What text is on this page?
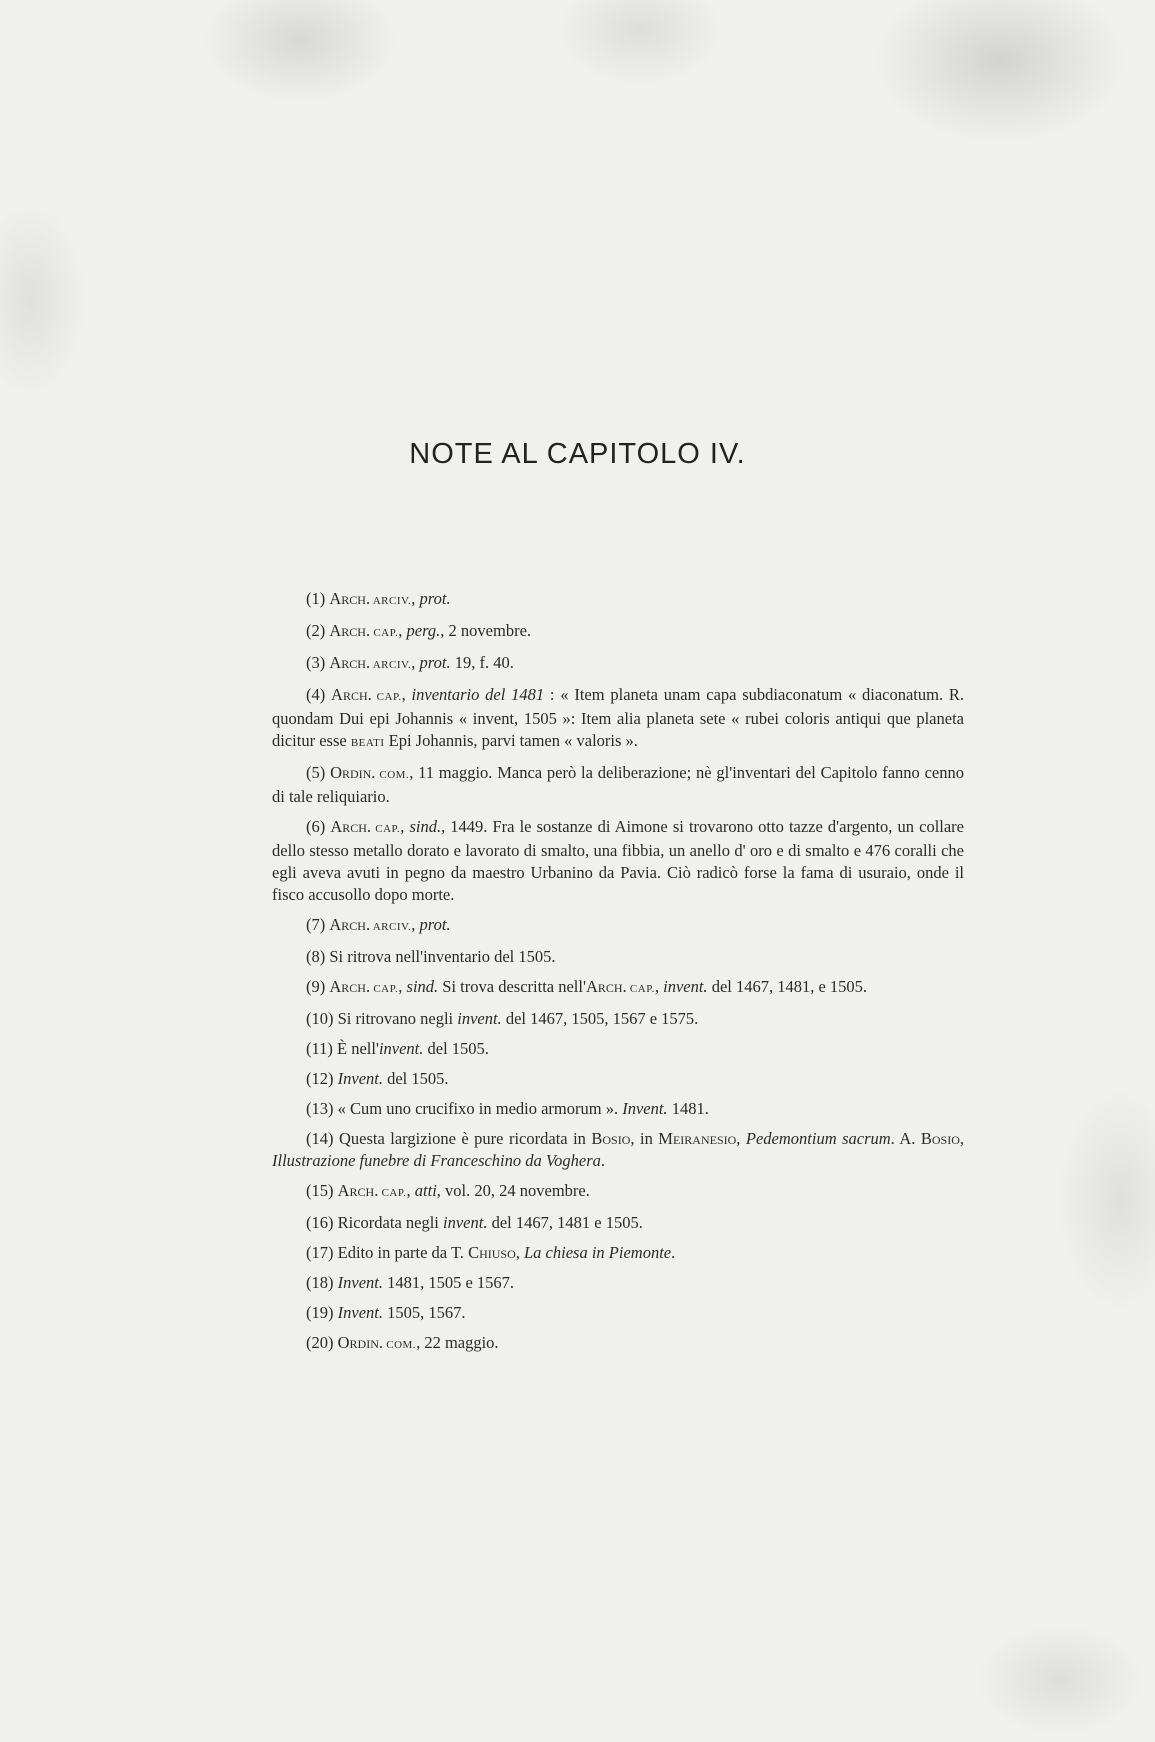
NOTE AL CAPITOLO IV.

(1) Arch. ARCIV., prot.

(2) Arch. CAP., perg., 2 novembre.

(3) Arch. ARCIV., prot. 19, f. 40.

(4) Arch. CAP., inventario del 1481 : « Item planeta unam capa subdiaconatum « diaconatum. R. quondam Dui epi Johannis « invent, 1505 »: Item alia planeta sete « rubei coloris antiqui que planeta dicitur esse BEATI Epi Johannis, parvi tamen « valoris ».

(5) Ordin. COM., 11 maggio. Manca però la deliberazione; nè gl'inventari del Capitolo fanno cenno di tale reliquiario.

(6) Arch. CAP., sind., 1449. Fra le sostanze di Aimone si trovarono otto tazze d'argento, un collare dello stesso metallo dorato e lavorato di smalto, una fibbia, un anello d' oro e di smalto e 476 coralli che egli aveva avuti in pegno da maestro Urbanino da Pavia. Ciò radicò forse la fama di usuraio, onde il fisco accusollo dopo morte.

(7) Arch. ARCIV., prot.

(8) Si ritrova nell'inventario del 1505.

(9) Arch. CAP., sind. Si trova descritta nell'Arch. CAP., invent. del 1467, 1481, e 1505.

(10) Si ritrovano negli invent. del 1467, 1505, 1567 e 1575.

(11) È nell'invent. del 1505.

(12) Invent. del 1505.

(13) « Cum uno crucifixo in medio armorum ». Invent. 1481.

(14) Questa largizione è pure ricordata in Bosio, in Meiranesio, Pedemontium sacrum. A. Bosio, Illustrazione funebre di Franceschino da Voghera.

(15) Arch. CAP., atti, vol. 20, 24 novembre.

(16) Ricordata negli invent. del 1467, 1481 e 1505.

(17) Edito in parte da T. Chiuso, La chiesa in Piemonte.

(18) Invent. 1481, 1505 e 1567.

(19) Invent. 1505, 1567.

(20) Ordin. COM., 22 maggio.
